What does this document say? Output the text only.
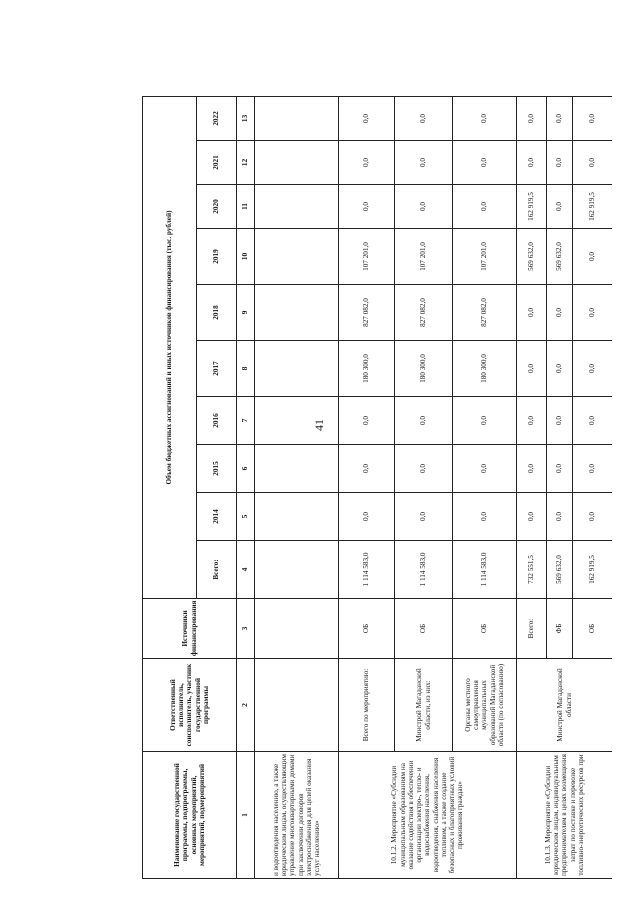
41
Наименование государственной программы, подпрограммы, основных мероприятий, мероприятий, подмероприятий	Ответственный исполнитель, соисполнитель, участник государственной программы	Источники финансирования	Объем бюджетных ассигнований и иных источников финансирования (тыс. рублей)										
			Всего:	2014	2015	2016	2017	2018	2019	2020	2021	2022	
1	2	3	4	5	6	7	8	9	10	11	12	13	
и водоотведения населению, а также юридическим лицам, осуществляющим управление многоквартирными домами при заключении договоров электроснабжения для целей оказания услуг населению»													
10.1.2. Мероприятие «Субсидии муниципальным образованиям на оказание содействия в обеспечении организации электро-, тепло- и водоснабжения населения, водоотведения, снабжения населения топливом, а также создание безопасных и благоприятных условий проживания граждан»	Всего по мероприятию:	ОБ	1 114 583,0	0,0	0,0	0,0	180 300,0	827 082,0	107 201,0	0,0	0,0	0,0	
	Минстрой Магаданской области, из них:	ОБ	1 114 583,0	0,0	0,0	0,0	180 300,0	827 082,0	107 201,0	0,0	0,0	0,0	
	Органы местного самоуправления муниципальных образований Магаданской области (по согласованию)	ОБ	1 114 583,0	0,0	0,0	0,0	180 300,0	827 082,0	107 201,0	0,0	0,0	0,0	
10.1.3. Мероприятие «Субсидии юридическим лицам, индивидуальным предпринимателям в целях возмещения затрат по поставке и перевозке топливно-энергетических ресурсов при	Минстрой Магаданской области	Всего:	732 551,5	0,0	0,0	0,0	0,0	0,0	569 632,0	162 919,5	0,0	0,0	
		ФБ	569 632,0	0,0	0,0	0,0	0,0	0,0	569 632,0	0,0	0,0	0,0	
		ОБ	162 919,5	0,0	0,0	0,0	0,0	0,0	0,0	162 919,5	0,0	0,0	
